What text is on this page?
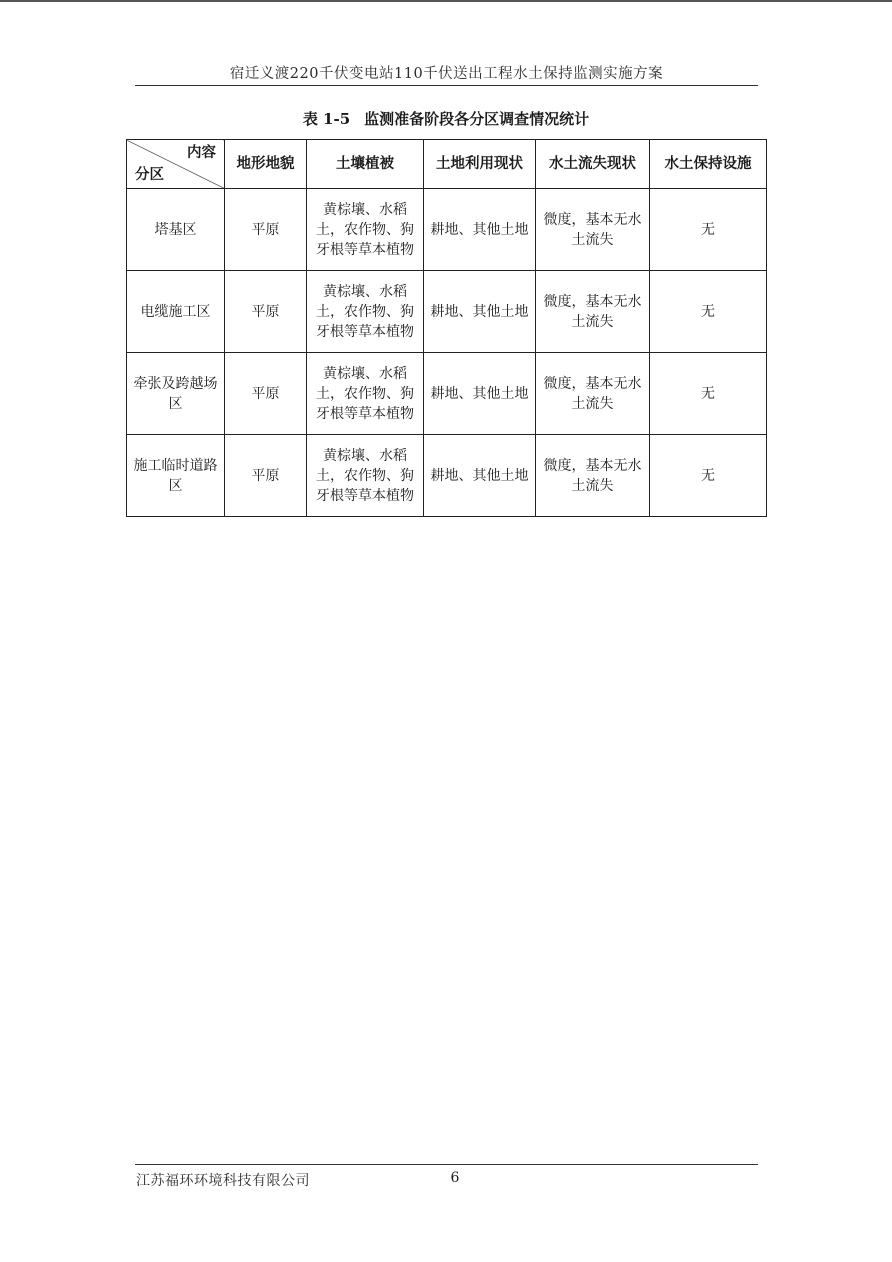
宿迁义渡220千伏变电站110千伏送出工程水土保持监测实施方案
表 1-5 监测准备阶段各分区调查情况统计
内容
分区	地形地貌	土壤植被	土地利用现状	水土流失现状	水土保持设施
塔基区	平原	黄棕壤、水稻土，农作物、狗牙根等草本植物	耕地、其他土地	微度，基本无水土流失	无
电缆施工区	平原	黄棕壤、水稻土，农作物、狗牙根等草本植物	耕地、其他土地	微度，基本无水土流失	无
牵张及跨越场区	平原	黄棕壤、水稻土，农作物、狗牙根等草本植物	耕地、其他土地	微度，基本无水土流失	无
施工临时道路区	平原	黄棕壤、水稻土，农作物、狗牙根等草本植物	耕地、其他土地	微度，基本无水土流失	无
江苏福环环境科技有限公司	6
